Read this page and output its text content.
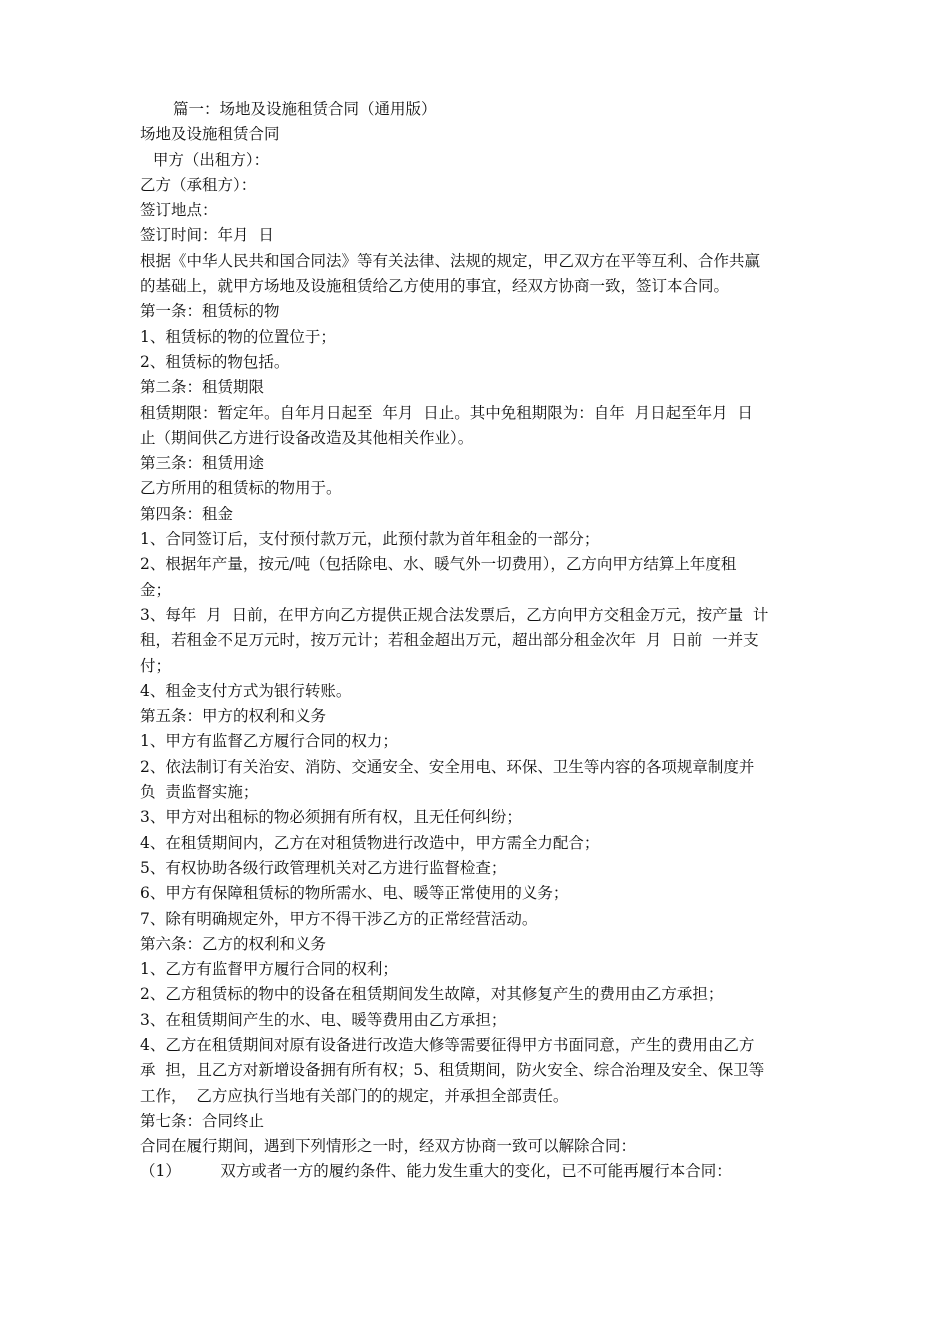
篇一：场地及设施租赁合同（通用版）
场地及设施租赁合同
甲方（出租方）：
乙方（承租方）：
签订地点：
签订时间：年月  日
根据《中华人民共和国合同法》等有关法律、法规的规定，甲乙双方在平等互利、合作共赢
的基础上，就甲方场地及设施租赁给乙方使用的事宜，经双方协商一致，签订本合同。
第一条：租赁标的物
1、租赁标的物的位置位于；
2、租赁标的物包括。
第二条：租赁期限
租赁期限：暂定年。自年月日起至  年月  日止。其中免租期限为：自年  月日起至年月  日
止（期间供乙方进行设备改造及其他相关作业）。
第三条：租赁用途
乙方所用的租赁标的物用于。
第四条：租金
1、合同签订后，支付预付款万元，此预付款为首年租金的一部分；
2、根据年产量，按元/吨（包括除电、水、暖气外一切费用），乙方向甲方结算上年度租
金；
3、每年  月  日前，在甲方向乙方提供正规合法发票后，乙方向甲方交租金万元，按产量  计
租，若租金不足万元时，按万元计；若租金超出万元，超出部分租金次年  月  日前  一并支
付；
4、租金支付方式为银行转账。
第五条：甲方的权利和义务
1、甲方有监督乙方履行合同的权力；
2、依法制订有关治安、消防、交通安全、安全用电、环保、卫生等内容的各项规章制度并
负  责监督实施；
3、甲方对出租标的物必须拥有所有权，且无任何纠纷；
4、在租赁期间内，乙方在对租赁物进行改造中，甲方需全力配合；
5、有权协助各级行政管理机关对乙方进行监督检查；
6、甲方有保障租赁标的物所需水、电、暖等正常使用的义务；
7、除有明确规定外，甲方不得干涉乙方的正常经营活动。
第六条：乙方的权利和义务
1、乙方有监督甲方履行合同的权利；
2、乙方租赁标的物中的设备在租赁期间发生故障，对其修复产生的费用由乙方承担；
3、在租赁期间产生的水、电、暖等费用由乙方承担；
4、乙方在租赁期间对原有设备进行改造大修等需要征得甲方书面同意，产生的费用由乙方
承  担，且乙方对新增设备拥有所有权；5、租赁期间，防火安全、综合治理及安全、保卫等
工作，  乙方应执行当地有关部门的的规定，并承担全部责任。
第七条：合同终止
合同在履行期间，遇到下列情形之一时，经双方协商一致可以解除合同：
（1）        双方或者一方的履约条件、能力发生重大的变化，已不可能再履行本合同：
